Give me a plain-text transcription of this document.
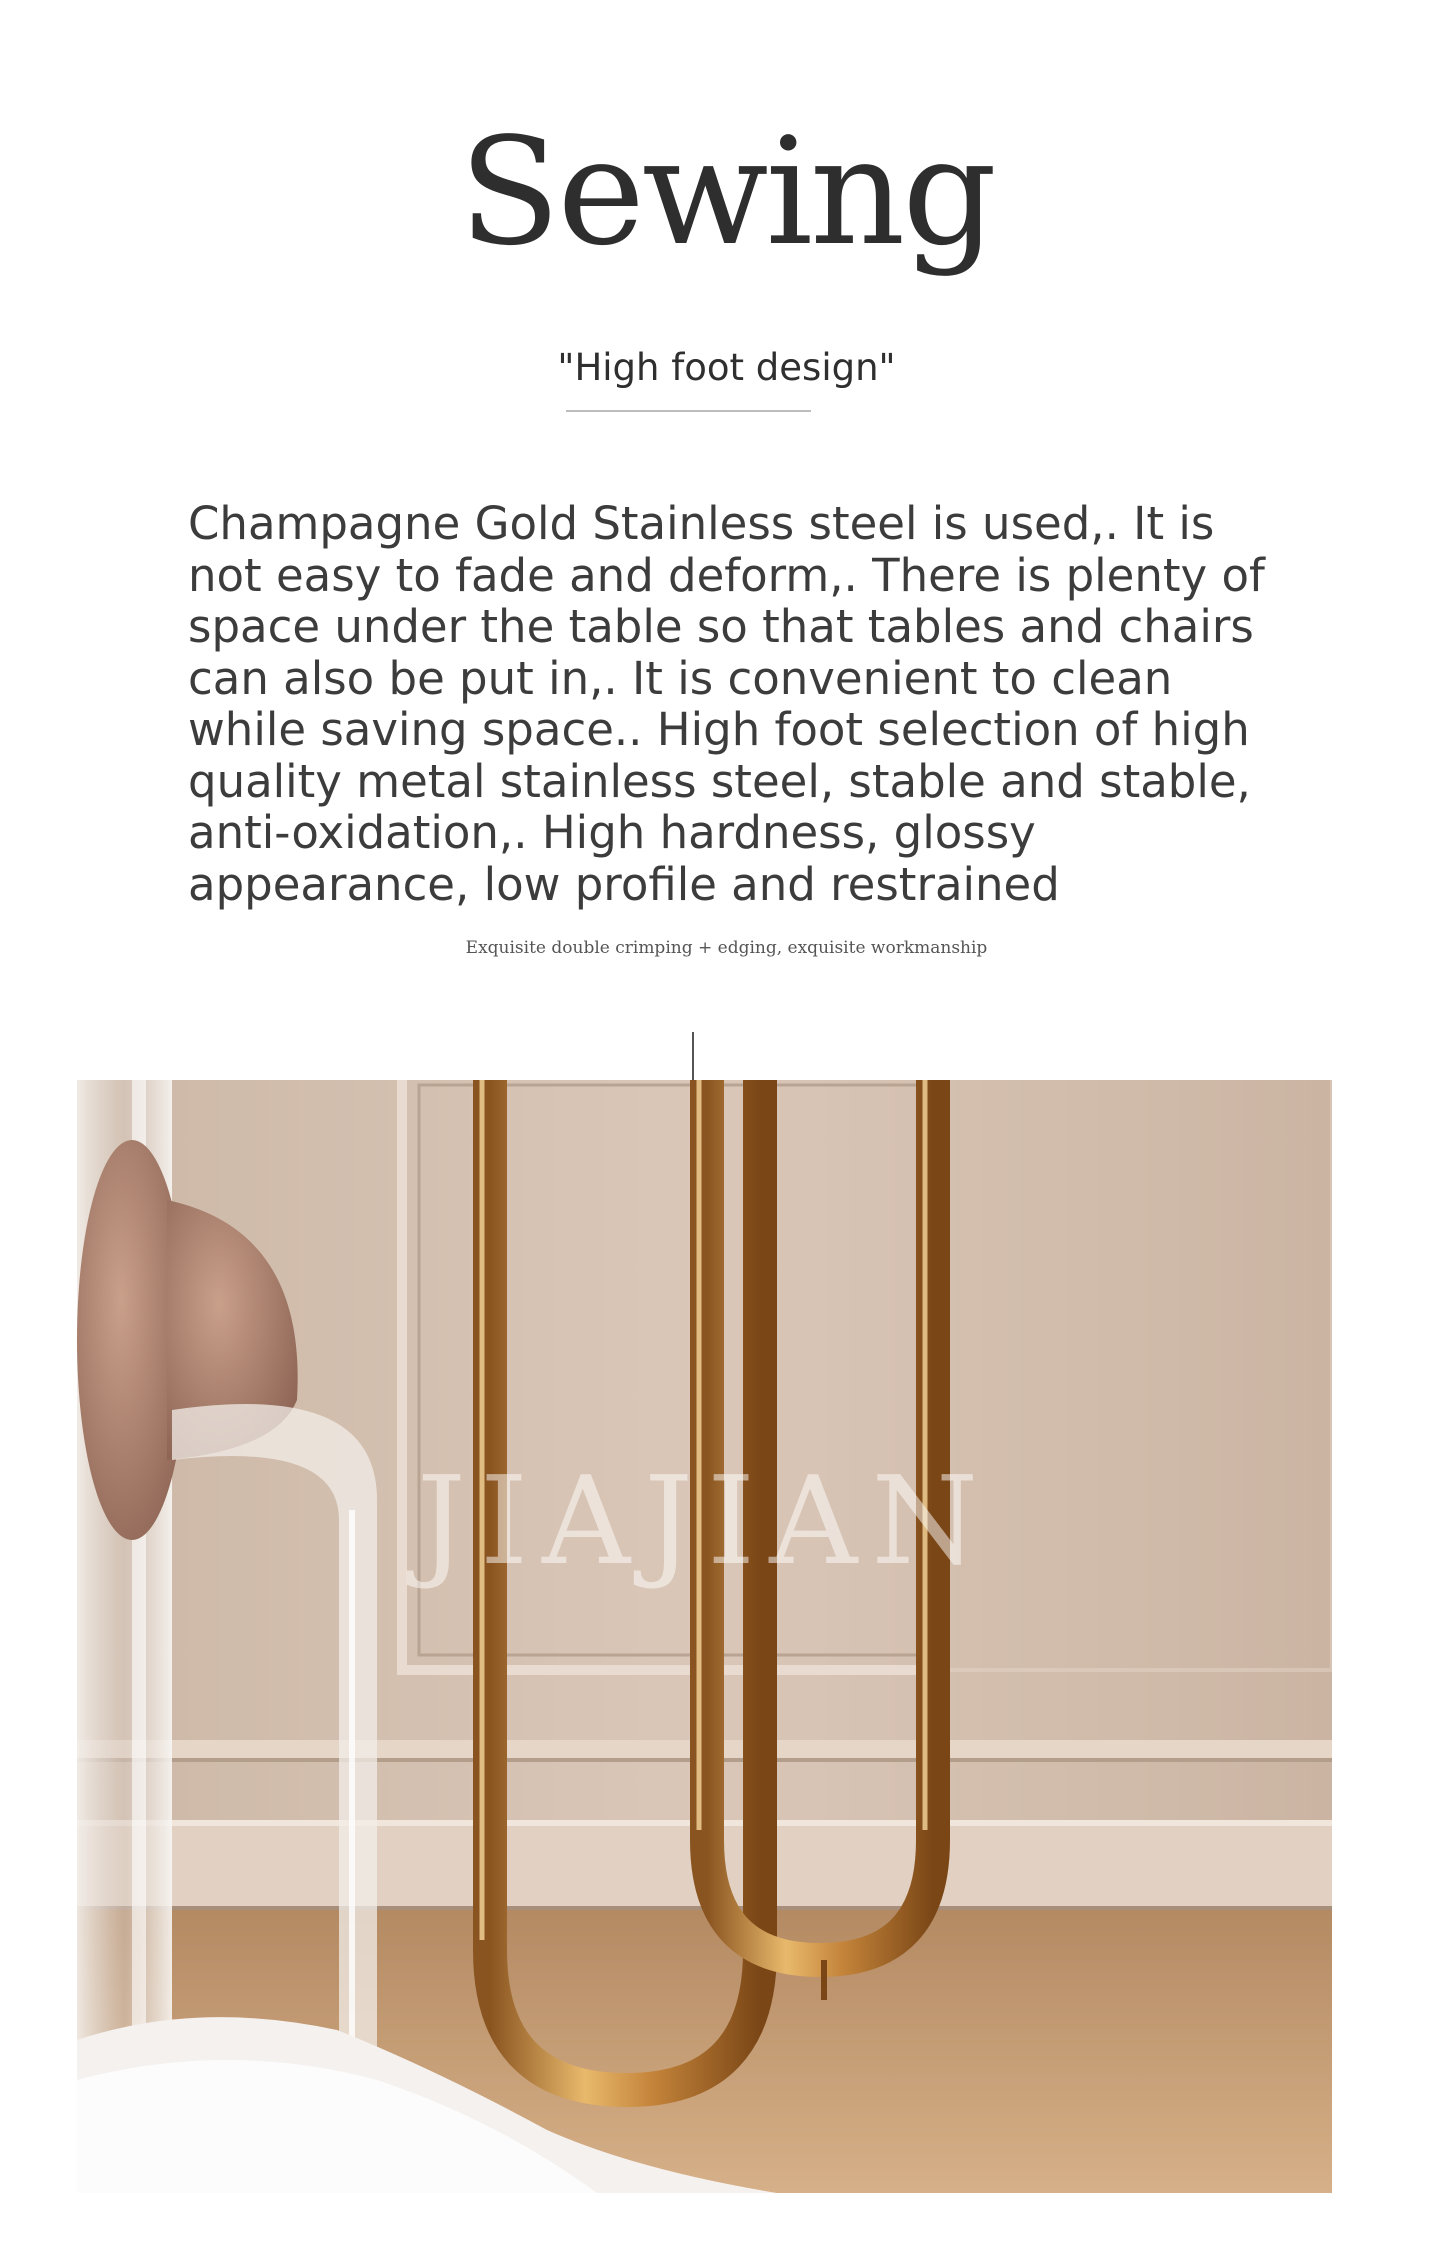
Sewing
"High foot design"

Champagne Gold Stainless steel is used,. It is not easy to fade and deform,. There is plenty of space under the table so that tables and chairs can also be put in,. It is convenient to clean while saving space.. High foot selection of high quality metal stainless steel, stable and stable, anti-oxidation,. High hardness, glossy appearance, low profile and restrained

Exquisite double crimping + edging, exquisite workmanship
JIAJIAN
